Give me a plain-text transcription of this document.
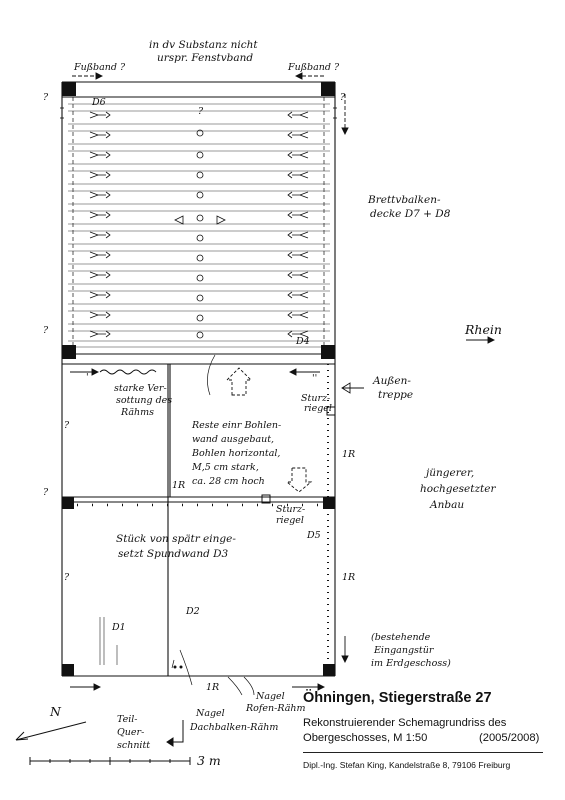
in dv Substanz nicht
urspr. Fenstvband
Fußband ?	Fußband ?
D6
D4
D5
Brettvbalken-
decke D7 + D8
Rhein
Außen-
treppe
jüngerer,
hochgesetzter
Anbau
Sturz-
riegel
Sturz-
riegel
starke Ver-
sottung des
Rähms
Reste einr Bohlen-
wand ausgebaut,
Bohlen horizontal,
M,5 cm stark,
ca. 28 cm hoch
Stück von spätr einge-
setzt Spundwand D3
D2
D1
(bestehende
Eingangstür
im Erdgeschoss)
1R
1R
1R
1R
Nagel
Dachbalken-Rähm
Nagel
Rofen-Rähm
Teil-
Quer-
schnitt
N
3 m
?
?
?
?
?
?
?
''
'
Öhningen, Stiegerstraße 27
Rekonstruierender Schemagrundriss des
Obergeschosses, M 1:50	(2005/2008)
Dipl.-Ing. Stefan King, Kandelstraße 8, 79106 Freiburg
